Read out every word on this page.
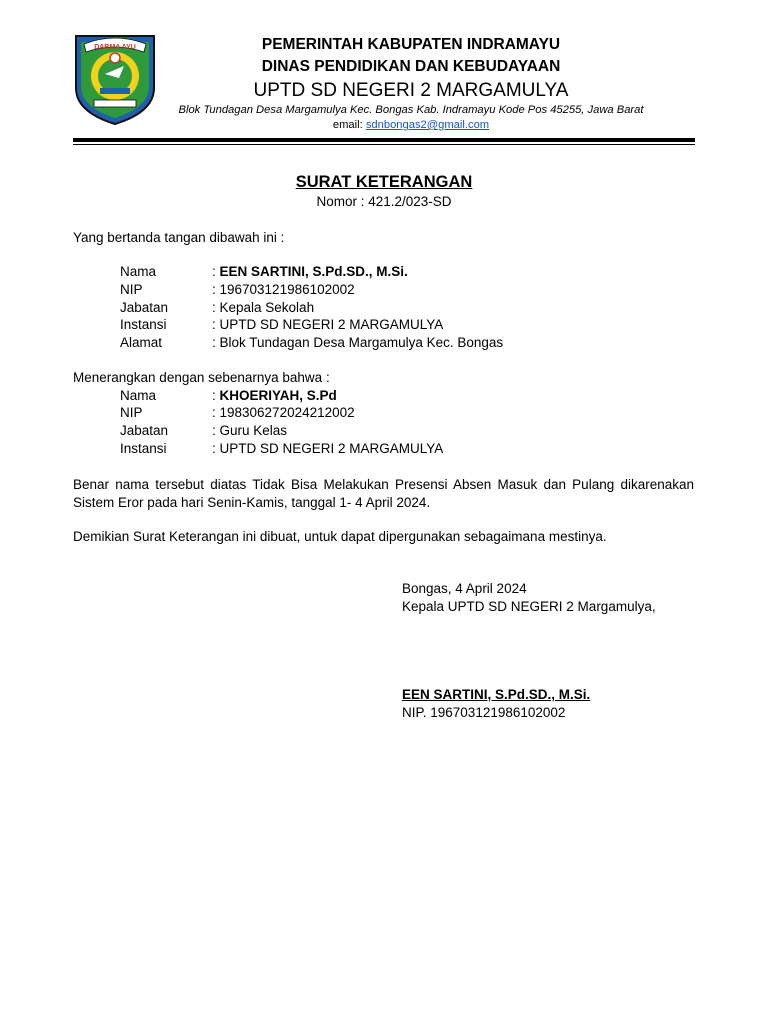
DARMA AYU	PEMERINTAH KABUPATEN INDRAMAYU
DINAS PENDIDIKAN DAN KEBUDAYAAN
UPTD SD NEGERI 2 MARGAMULYA
Blok Tundagan Desa Margamulya Kec. Bongas Kab. Indramayu Kode Pos 45255, Jawa Barat
email: sdnbongas2@gmail.com
SURAT KETERANGAN
Nomor : 421.2/023-SD
Yang bertanda tangan dibawah ini :
Nama	: EEN SARTINI, S.Pd.SD., M.Si.
NIP	: 196703121986102002
Jabatan	: Kepala Sekolah
Instansi	: UPTD SD NEGERI 2 MARGAMULYA
Alamat	: Blok Tundagan Desa Margamulya Kec. Bongas
Menerangkan dengan sebenarnya bahwa :
Nama	: KHOERIYAH, S.Pd
NIP	: 198306272024212002
Jabatan	: Guru Kelas
Instansi	: UPTD SD NEGERI 2 MARGAMULYA
Benar nama tersebut diatas Tidak Bisa Melakukan Presensi Absen Masuk dan Pulang dikarenakan Sistem Eror pada hari Senin-Kamis, tanggal 1- 4 April 2024.
Demikian Surat Keterangan ini dibuat, untuk dapat dipergunakan sebagaimana mestinya.
Bongas, 4 April 2024
Kepala UPTD SD NEGERI 2 Margamulya,
EEN SARTINI, S.Pd.SD., M.Si.
NIP. 196703121986102002
